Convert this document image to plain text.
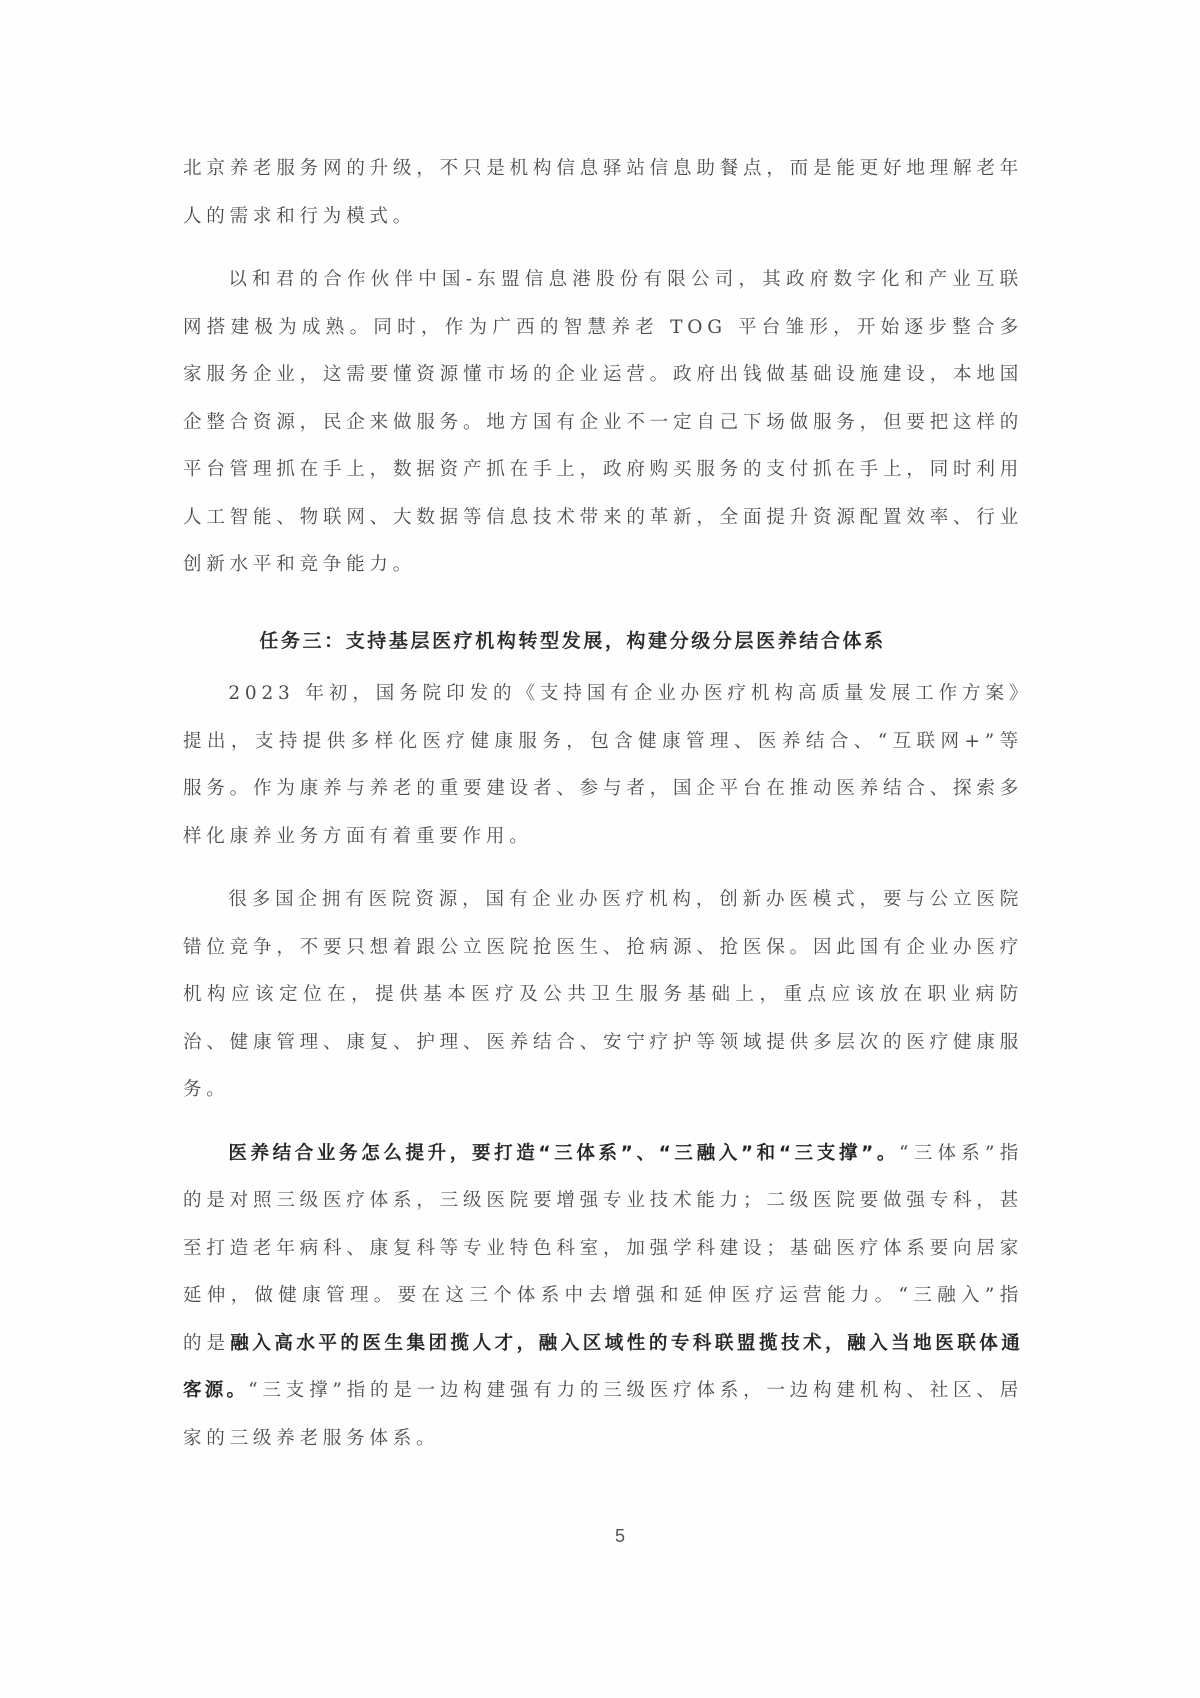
北京养老服务网的升级，不只是机构信息驿站信息助餐点，而是能更好地理解老年人的需求和行为模式。

以和君的合作伙伴中国-东盟信息港股份有限公司，其政府数字化和产业互联网搭建极为成熟。同时，作为广西的智慧养老 TOG 平台雏形，开始逐步整合多家服务企业，这需要懂资源懂市场的企业运营。政府出钱做基础设施建设，本地国企整合资源，民企来做服务。地方国有企业不一定自己下场做服务，但要把这样的平台管理抓在手上，数据资产抓在手上，政府购买服务的支付抓在手上，同时利用人工智能、物联网、大数据等信息技术带来的革新，全面提升资源配置效率、行业创新水平和竞争能力。

任务三：支持基层医疗机构转型发展，构建分级分层医养结合体系

2023 年初，国务院印发的《支持国有企业办医疗机构高质量发展工作方案》提出，支持提供多样化医疗健康服务，包含健康管理、医养结合、“互联网+”等服务。作为康养与养老的重要建设者、参与者，国企平台在推动医养结合、探索多样化康养业务方面有着重要作用。

很多国企拥有医院资源，国有企业办医疗机构，创新办医模式，要与公立医院错位竞争，不要只想着跟公立医院抢医生、抢病源、抢医保。因此国有企业办医疗机构应该定位在，提供基本医疗及公共卫生服务基础上，重点应该放在职业病防治、健康管理、康复、护理、医养结合、安宁疗护等领域提供多层次的医疗健康服务。

医养结合业务怎么提升，要打造“三体系”、“三融入”和“三支撑”。“三体系”指的是对照三级医疗体系，三级医院要增强专业技术能力；二级医院要做强专科，甚至打造老年病科、康复科等专业特色科室，加强学科建设；基础医疗体系要向居家延伸，做健康管理。要在这三个体系中去增强和延伸医疗运营能力。“三融入”指的是融入高水平的医生集团揽人才，融入区域性的专科联盟揽技术，融入当地医联体通客源。“三支撑”指的是一边构建强有力的三级医疗体系，一边构建机构、社区、居家的三级养老服务体系。

5
